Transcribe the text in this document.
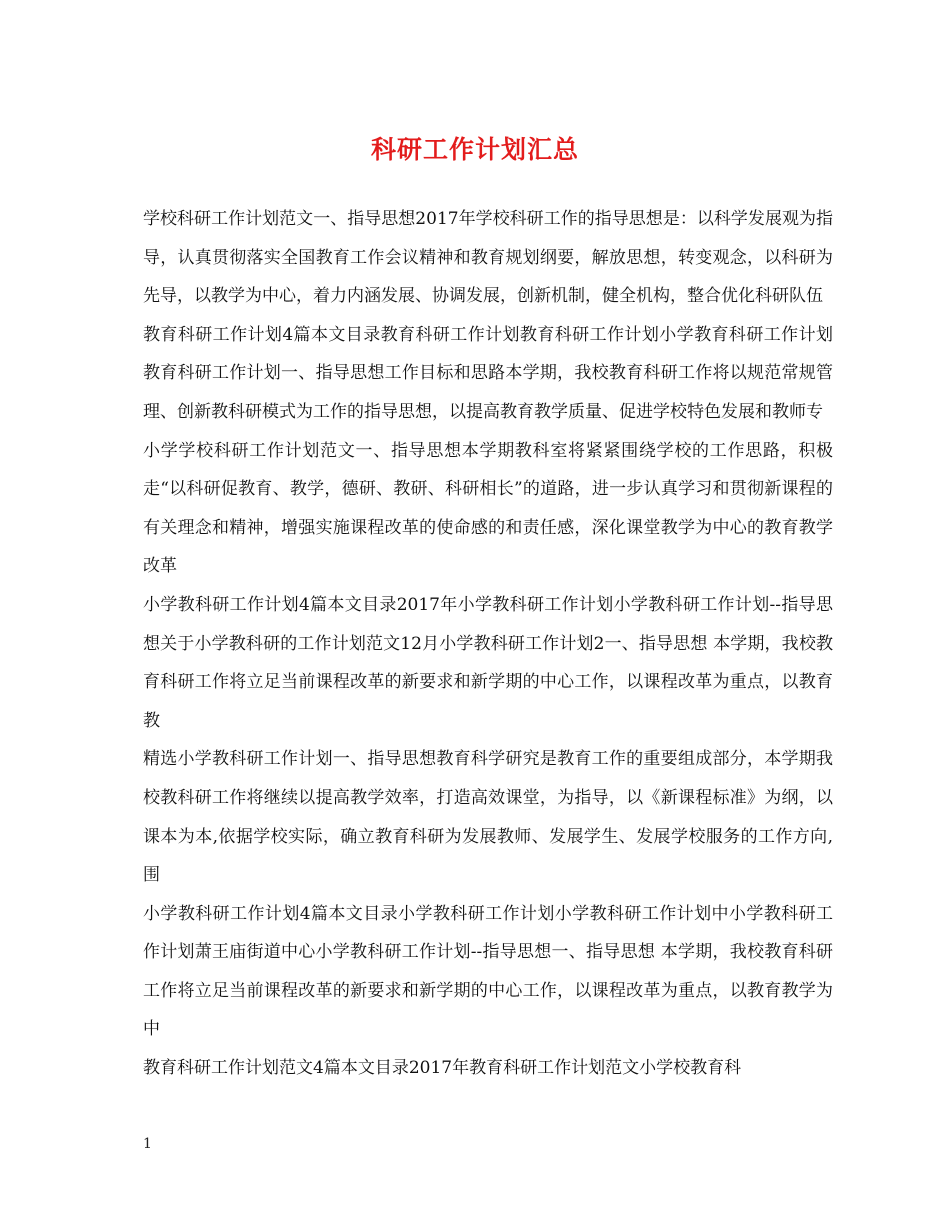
科研工作计划汇总

学校科研工作计划范文一、指导思想2017年学校科研工作的指导思想是：以科学发展观为指导，认真贯彻落实全国教育工作会议精神和教育规划纲要，解放思想，转变观念，以科研为先导，以教学为中心，着力内涵发展、协调发展，创新机制，健全机构，整合优化科研队伍

教育科研工作计划4篇本文目录教育科研工作计划教育科研工作计划小学教育科研工作计划教育科研工作计划一、指导思想工作目标和思路本学期，我校教育科研工作将以规范常规管理、创新教科研模式为工作的指导思想，以提高教育教学质量、促进学校特色发展和教师专

小学学校科研工作计划范文一、指导思想本学期教科室将紧紧围绕学校的工作思路，积极走“以科研促教育、教学，德研、教研、科研相长”的道路，进一步认真学习和贯彻新课程的有关理念和精神，增强实施课程改革的使命感的和责任感，深化课堂教学为中心的教育教学改革

小学教科研工作计划4篇本文目录2017年小学教科研工作计划小学教科研工作计划--指导思想关于小学教科研的工作计划范文12月小学教科研工作计划2一、指导思想 本学期，我校教育科研工作将立足当前课程改革的新要求和新学期的中心工作，以课程改革为重点，以教育教

精选小学教科研工作计划一、指导思想教育科学研究是教育工作的重要组成部分，本学期我校教科研工作将继续以提高教学效率，打造高效课堂，为指导，以《新课程标准》为纲，以课本为本,依据学校实际，确立教育科研为发展教师、发展学生、发展学校服务的工作方向,围

小学教科研工作计划4篇本文目录小学教科研工作计划小学教科研工作计划中小学教科研工作计划萧王庙街道中心小学教科研工作计划--指导思想一、指导思想 本学期，我校教育科研工作将立足当前课程改革的新要求和新学期的中心工作，以课程改革为重点，以教育教学为中

教育科研工作计划范文4篇本文目录2017年教育科研工作计划范文小学校教育科

1
